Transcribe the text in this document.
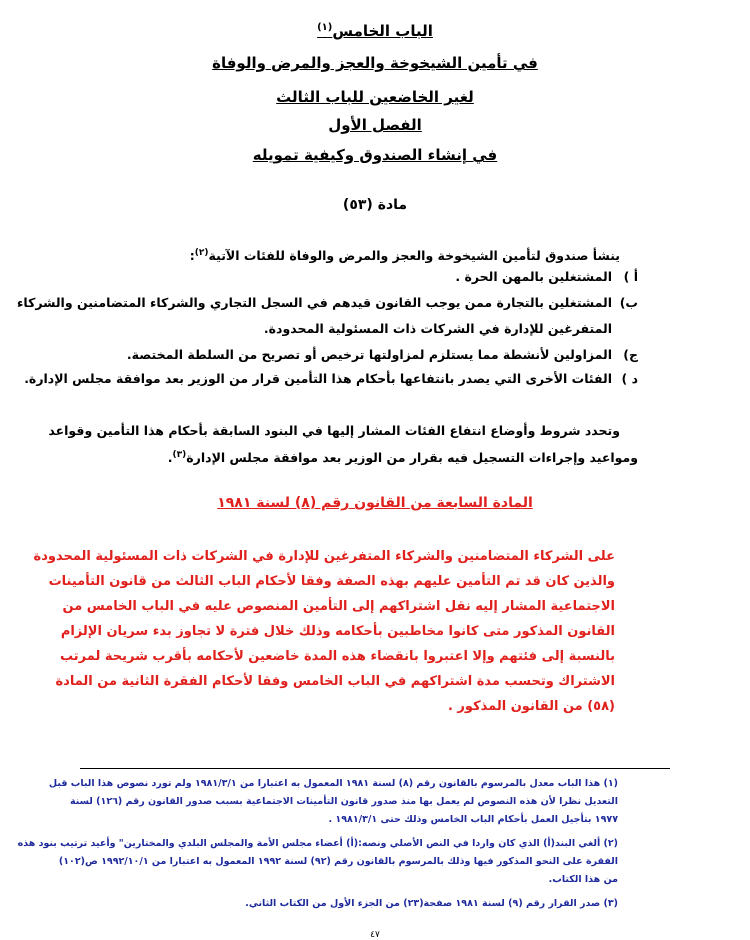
الباب الخامس$^{(١)}$
في تأمين الشيخوخة والعجز والمرض والوفاة
لغير الخاضعين للباب الثالث
الفصل الأول
في إنشاء الصندوق وكيفية تمويله
مادة (٥٣)
ينشأ صندوق لتأمين الشيخوخة والعجز والمرض والوفاة للفئات الآتية$^{(٢)}$:
أ )المشتغلين بالمهن الحرة .
ب)المشتغلين بالتجارة ممن يوجب القانون قيدهم في السجل التجاري والشركاء المتضامنين والشركاء
المتفرغين للإدارة في الشركات ذات المسئولية المحدودة.
ج)المزاولين لأنشطة مما يستلزم لمزاولتها ترخيص أو تصريح من السلطة المختصة.
د )الفئات الأخرى التي يصدر بانتفاعها بأحكام هذا التأمين قرار من الوزير بعد موافقة مجلس الإدارة.
وتحدد شروط وأوضاع انتفاع الفئات المشار إليها في البنود السابقة بأحكام هذا التأمين وقواعد
ومواعيد وإجراءات التسجيل فيه بقرار من الوزير بعد موافقة مجلس الإدارة$^{(٣)}$.
المادة السابعة من القانون رقم (٨) لسنة ١٩٨١
على الشركاء المتضامنين والشركاء المتفرغين للإدارة في الشركات ذات المسئولية المحدودة
والذين كان قد تم التأمين عليهم بهذه الصفة وفقا لأحكام الباب الثالث من قانون التأمينات
الاجتماعية المشار إليه نقل اشتراكهم إلى التأمين المنصوص عليه في الباب الخامس من
القانون المذكور متى كانوا مخاطبين بأحكامه وذلك خلال فترة لا تجاوز بدء سريان الإلزام
بالنسبة إلى فئتهم وإلا اعتبروا بانقضاء هذه المدة خاضعين لأحكامه بأقرب شريحة لمرتب
الاشتراك وتحسب مدة اشتراكهم في الباب الخامس وفقا لأحكام الفقرة الثانية من المادة
(٥٨) من القانون المذكور .
(١) هذا الباب معدل بالمرسوم بالقانون رقم (٨) لسنة ١٩٨١ المعمول به اعتبارا من ١٩٨١/٣/١ ولم تورد نصوص هذا الباب قبل
التعديل نظرا لأن هذه النصوص لم يعمل بها منذ صدور قانون التأمينات الاجتماعية بسبب صدور القانون رقم (١٢٦) لسنة
١٩٧٧ بتأجيل العمل بأحكام الباب الخامس وذلك حتى ١٩٨١/٣/١ .
(٢) ألغي البند(أ) الذي كان واردا في النص الأصلي ونصه:(أ) أعضاء مجلس الأمة والمجلس البلدي والمختارين" وأعيد ترتيب بنود هذه
الفقرة على النحو المذكور فيها وذلك بالمرسوم بالقانون رقم (٩٢) لسنة ١٩٩٢ المعمول به اعتبارا من ١٩٩٢/١٠/١ ص(١٠٢)
من هذا الكتاب.
(٣) صدر القرار رقم (٩) لسنة ١٩٨١ صفحة(٢٣) من الجزء الأول من الكتاب الثاني.
٤٧
